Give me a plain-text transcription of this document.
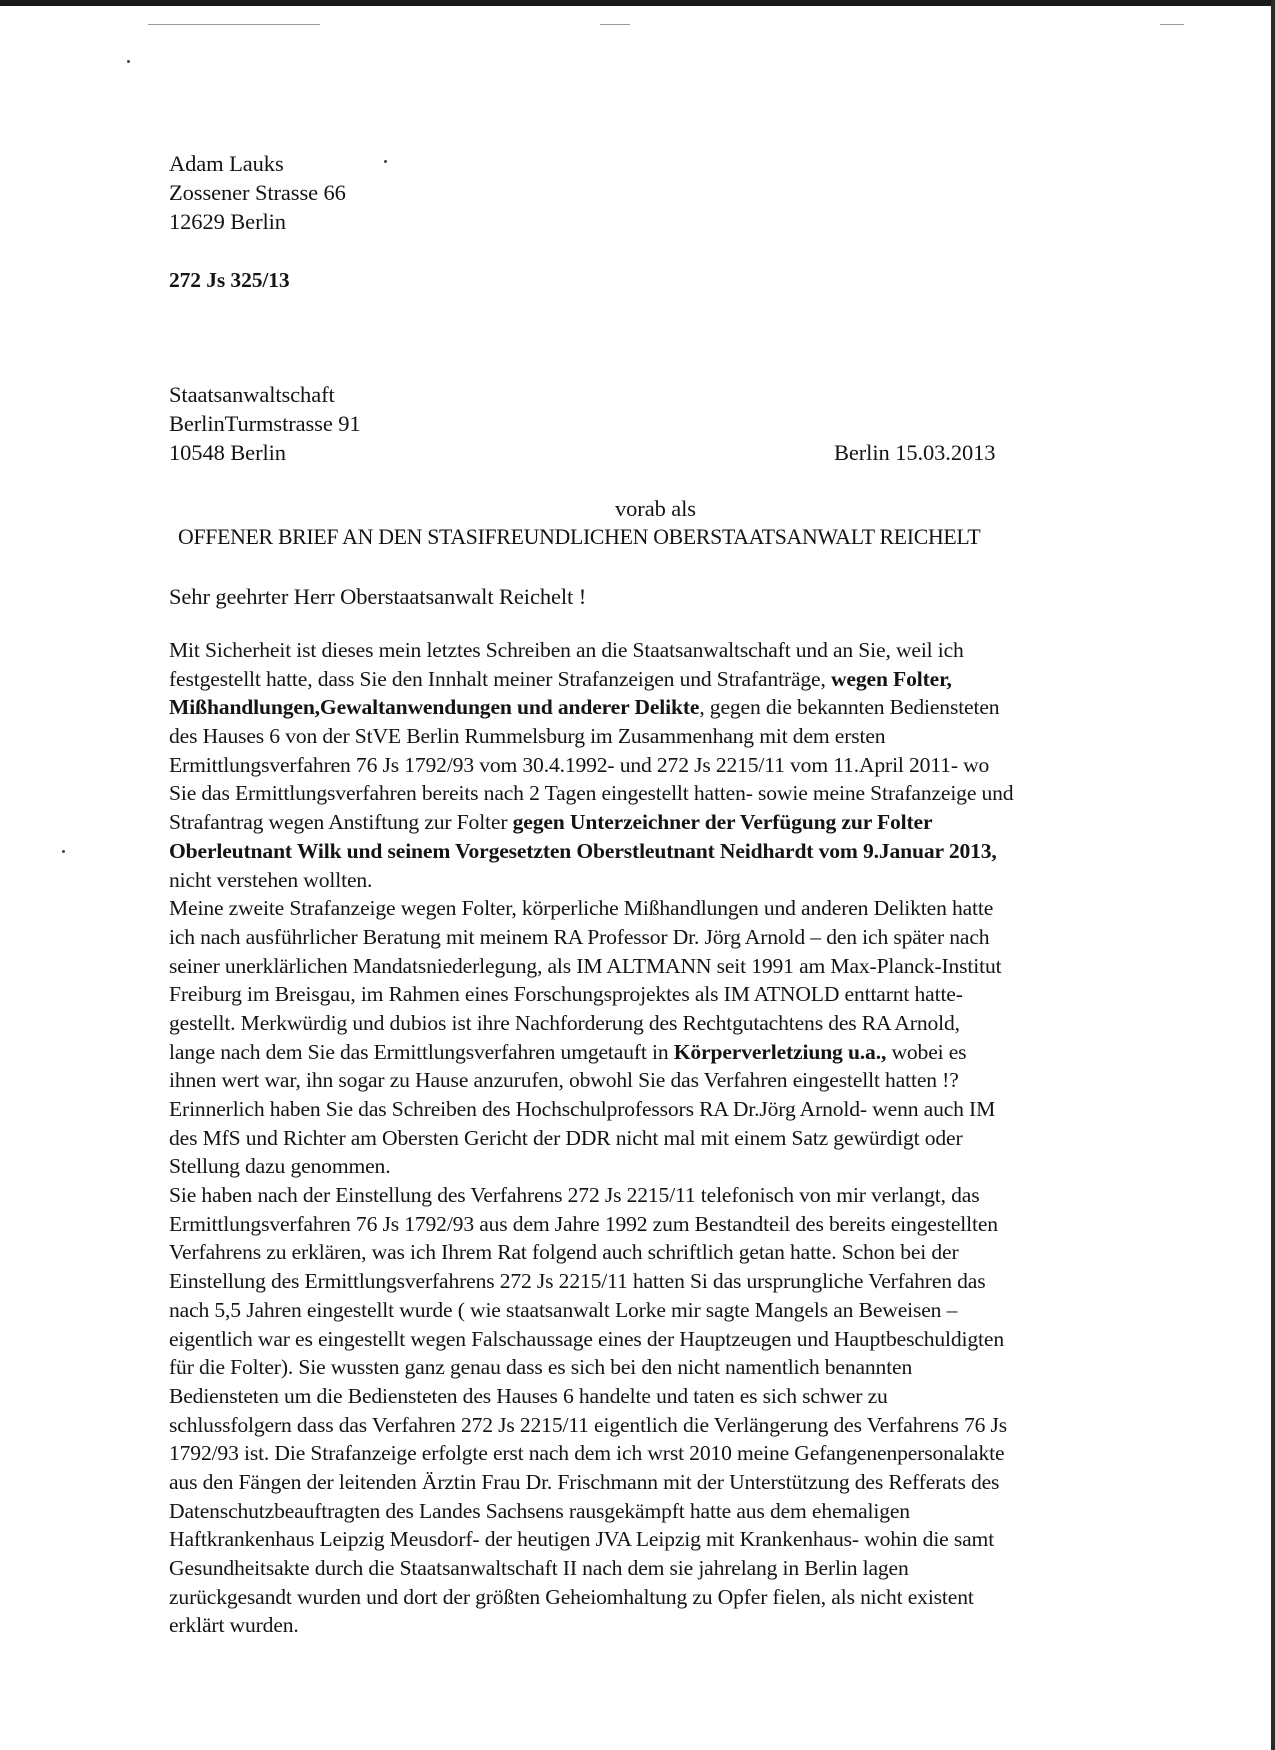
Adam Lauks
Zossener Strasse 66
12629 Berlin
272 Js 325/13
Staatsanwaltschaft
BerlinTurmstrasse 91
10548 Berlin	Berlin 15.03.2013
vorab als
OFFENER BRIEF AN DEN STASIFREUNDLICHEN OBERSTAATSANWALT REICHELT
Sehr geehrter Herr Oberstaatsanwalt Reichelt !
Mit Sicherheit ist dieses mein letztes Schreiben an die Staatsanwaltschaft und an Sie, weil ich
festgestellt hatte, dass Sie den Innhalt meiner Strafanzeigen und Strafanträge, wegen Folter,
Mißhandlungen,Gewaltanwendungen und anderer Delikte, gegen die bekannten Bediensteten
des Hauses 6 von der StVE Berlin Rummelsburg im Zusammenhang mit dem ersten
Ermittlungsverfahren 76 Js 1792/93 vom 30.4.1992- und 272 Js 2215/11 vom 11.April 2011- wo
Sie das Ermittlungsverfahren bereits nach 2 Tagen eingestellt hatten- sowie meine Strafanzeige und
Strafantrag wegen Anstiftung zur Folter gegen Unterzeichner der Verfügung zur Folter
Oberleutnant Wilk und seinem Vorgesetzten Oberstleutnant Neidhardt vom 9.Januar 2013,
nicht verstehen wollten.
Meine zweite Strafanzeige wegen Folter, körperliche Mißhandlungen und anderen Delikten hatte
ich nach ausführlicher Beratung mit meinem RA Professor Dr. Jörg Arnold – den ich später nach
seiner unerklärlichen Mandatsniederlegung, als IM ALTMANN seit 1991 am Max-Planck-Institut
Freiburg im Breisgau, im Rahmen eines Forschungsprojektes als IM ATNOLD enttarnt hatte-
gestellt. Merkwürdig und dubios ist ihre Nachforderung des Rechtgutachtens des RA Arnold,
lange nach dem Sie das Ermittlungsverfahren umgetauft in Körperverletziung u.a., wobei es
ihnen wert war, ihn sogar zu Hause anzurufen, obwohl Sie das Verfahren eingestellt hatten !?
Erinnerlich haben Sie das Schreiben des Hochschulprofessors RA Dr.Jörg Arnold- wenn auch IM
des MfS und Richter am Obersten Gericht der DDR nicht mal mit einem Satz gewürdigt oder
Stellung dazu genommen.
Sie haben nach der Einstellung des Verfahrens 272 Js 2215/11 telefonisch von mir verlangt, das
Ermittlungsverfahren 76 Js 1792/93 aus dem Jahre 1992 zum Bestandteil des bereits eingestellten
Verfahrens zu erklären, was ich Ihrem Rat folgend auch schriftlich getan hatte. Schon bei der
Einstellung des Ermittlungsverfahrens 272 Js 2215/11 hatten Si das ursprungliche Verfahren das
nach 5,5 Jahren eingestellt wurde ( wie staatsanwalt Lorke mir sagte Mangels an Beweisen –
eigentlich war es eingestellt wegen Falschaussage eines der Hauptzeugen und Hauptbeschuldigten
für die Folter). Sie wussten ganz genau dass es sich bei den nicht namentlich benannten
Bediensteten um die Bediensteten des Hauses 6 handelte und taten es sich schwer zu
schlussfolgern dass das Verfahren 272 Js 2215/11 eigentlich die Verlängerung des Verfahrens 76 Js
1792/93 ist. Die Strafanzeige erfolgte erst nach dem ich wrst 2010 meine Gefangenenpersonalakte
aus den Fängen der leitenden Ärztin Frau Dr. Frischmann mit der Unterstützung des Refferats des
Datenschutzbeauftragten des Landes Sachsens rausgekämpft hatte aus dem ehemaligen
Haftkrankenhaus Leipzig Meusdorf- der heutigen JVA Leipzig mit Krankenhaus- wohin die samt
Gesundheitsakte durch die Staatsanwaltschaft II nach dem sie jahrelang in Berlin lagen
zurückgesandt wurden und dort der größten Geheiomhaltung zu Opfer fielen, als nicht existent
erklärt wurden.
